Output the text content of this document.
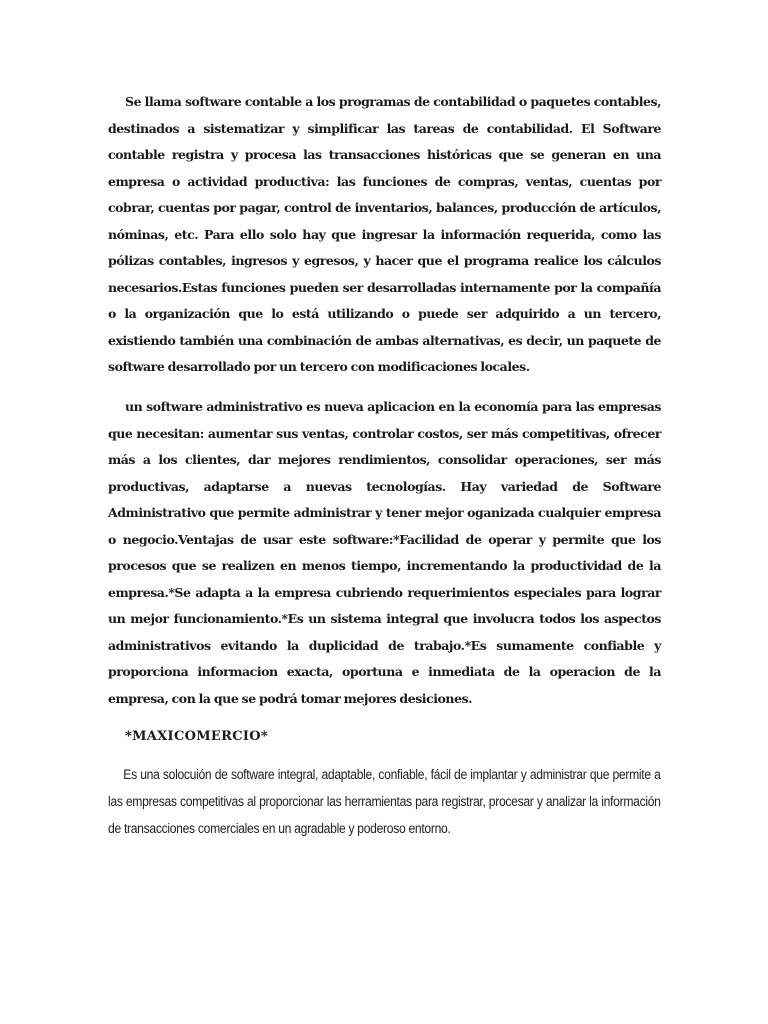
Se llama software contable a los programas de contabilidad o paquetes contables, destinados a sistematizar y simplificar las tareas de contabilidad. El Software contable registra y procesa las transacciones históricas que se generan en una empresa o actividad productiva: las funciones de compras, ventas, cuentas por cobrar, cuentas por pagar, control de inventarios, balances, producción de artículos, nóminas, etc. Para ello solo hay que ingresar la información requerida, como las pólizas contables, ingresos y egresos, y hacer que el programa realice los cálculos necesarios.Estas funciones pueden ser desarrolladas internamente por la compañía o la organización que lo está utilizando o puede ser adquirido a un tercero, existiendo también una combinación de ambas alternativas, es decir, un paquete de software desarrollado por un tercero con modificaciones locales.

un software administrativo es nueva aplicacion en la economía para las empresas que necesitan: aumentar sus ventas, controlar costos, ser más competitivas, ofrecer más a los clientes, dar mejores rendimientos, consolidar operaciones, ser más productivas, adaptarse a nuevas tecnologías. Hay variedad de Software Administrativo que permite administrar y tener mejor oganizada cualquier empresa o negocio.Ventajas de usar este software:*Facilidad de operar y permite que los procesos que se realizen en menos tiempo, incrementando la productividad de la empresa.*Se adapta a la empresa cubriendo requerimientos especiales para lograr un mejor funcionamiento.*Es un sistema integral que involucra todos los aspectos administrativos evitando la duplicidad de trabajo.*Es sumamente confiable y proporciona informacion exacta, oportuna e inmediata de la operacion de la empresa, con la que se podrá tomar mejores desiciones.

*MAXICOMERCIO*

Es una solocuión de software integral, adaptable, confiable, fácil de implantar y administrar que permite a las empresas competitivas al proporcionar las herramientas para registrar, procesar y analizar la información de transacciones comerciales en un agradable y poderoso entorno.
